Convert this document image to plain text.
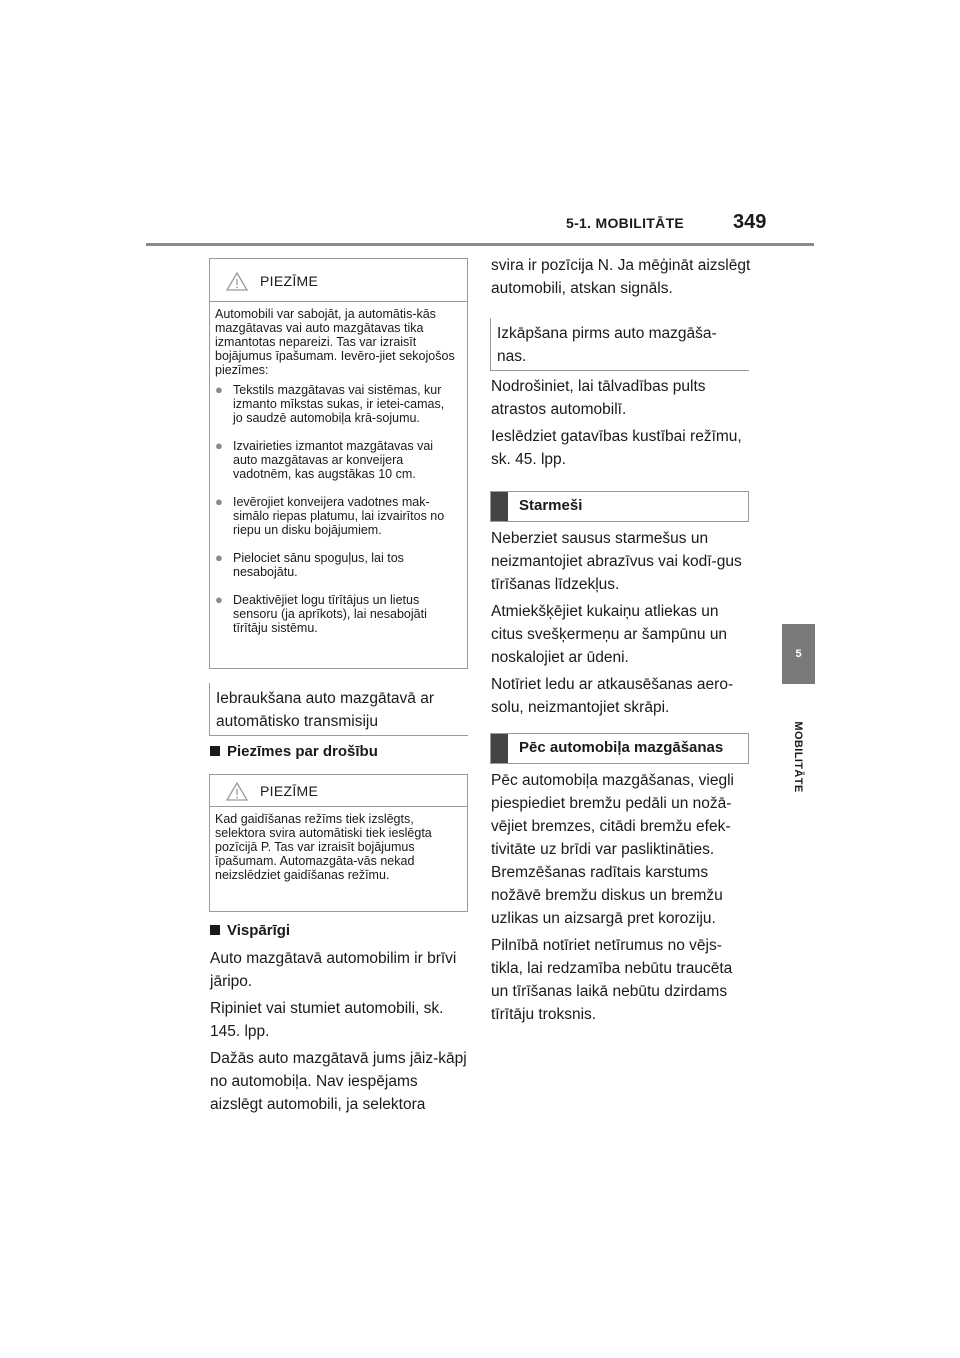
5-1. MOBILITĀTE 349
5
MOBILITĀTE
PIEZĪME

Automobili var sabojāt, ja automātis-kās mazgātavas vai auto mazgātavas tika izmantotas nepareizi. Tas var izraisīt bojājumus īpašumam. Ievēro-jiet sekojošos piezīmes:

● Tekstils mazgātavas vai sistēmas, kur izmanto mīkstas sukas, ir ietei-camas, jo saudzē automobiļa krā-sojumu.
● Izvairieties izmantot mazgātavas vai auto mazgātavas ar konveijera vadotnēm, kas augstākas 10 cm.
● Ievērojiet konveijera vadotnes mak-simālo riepas platumu, lai izvairītos no riepu un disku bojājumiem.
● Pielociet sānu spoguļus, lai tos nesabojātu.
● Deaktivējiet logu tīrītājus un lietus sensoru (ja aprīkots), lai nesabojāti tīrītāju sistēmu.
Iebraukšana auto mazgātavā ar automātisko transmisiju
Piezīmes par drošību
PIEZĪME

Kad gaidīšanas režīms tiek izslēgts, selektora svira automātiski tiek ieslēgta pozīcijā P. Tas var izraisīt bojājumus īpašumam. Automazgāta-vās nekad neizslēdziet gaidīšanas režīmu.

Vispārīgi

Auto mazgātavā automobilim ir brīvi jāripo.

Ripiniet vai stumiet automobili, sk. 145. lpp.

Dažās auto mazgātavā jums jāiz-kāpj no automobiļa. Nav iespējams aizslēgt automobili, ja selektora

svira ir pozīcija N. Ja mēģināt aizslēgt automobili, atskan signāls.

Izkāpšana pirms auto mazgāša-nas.

Nodrošiniet, lai tālvadības pults atrastos automobilī.

Ieslēdziet gatavības kustībai režīmu, sk. 45. lpp.

Starmeši

Neberziet sausus starmešus un neizmantojiet abrazīvus vai kodī-gus tīrīšanas līdzekļus.

Atmiekšķējiet kukaiņu atliekas un citus svešķermeņu ar šampūnu un noskalojiet ar ūdeni.

Notīriet ledu ar atkausēšanas aero-solu, neizmantojiet skrāpi.

Pēc automobiļa mazgāšanas

Pēc automobiļa mazgāšanas, viegli piespiediet bremžu pedāli un nožā-vējiet bremzes, citādi bremžu efek-tivitāte uz brīdi var pasliktināties. Bremzēšanas radītais karstums nožāvē bremžu diskus un bremžu uzlikas un aizsargā pret koroziju.

Pilnībā notīriet netīrumus no vējs-tikla, lai redzamība nebūtu traucēta un tīrīšanas laikā nebūtu dzirdams tīrītāju troksnis.
